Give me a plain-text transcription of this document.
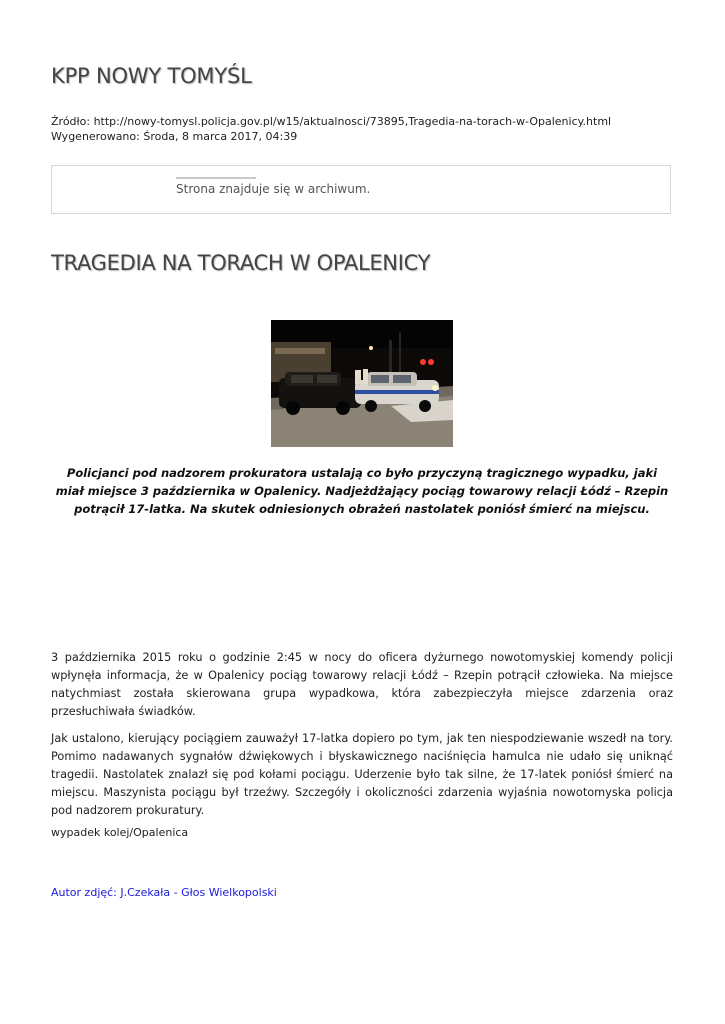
KPP NOWY TOMYŚL
Źródło: http://nowy-tomysl.policja.gov.pl/w15/aktualnosci/73895,Tragedia-na-torach-w-Opalenicy.html
Wygenerowano: Środa, 8 marca 2017, 04:39
Strona znajduje się w archiwum.
TRAGEDIA NA TORACH W OPALENICY

Policjanci pod nadzorem prokuratora ustalają co było przyczyną tragicznego wypadku, jaki miał miejsce 3 października w Opalenicy. Nadjeżdżający pociąg towarowy relacji Łódź – Rzepin potrącił 17-latka. Na skutek odniesionych obrażeń nastolatek poniósł śmierć na miejscu.

3 października 2015 roku o godzinie 2:45 w nocy do oficera dyżurnego nowotomyskiej komendy policji wpłynęła informacja, że w Opalenicy pociąg towarowy relacji Łódź – Rzepin potrącił człowieka. Na miejsce natychmiast została skierowana grupa wypadkowa, która zabezpieczyła miejsce zdarzenia oraz przesłuchiwała świadków.

Jak ustalono, kierujący pociągiem zauważył 17-latka dopiero po tym, jak ten niespodziewanie wszedł na tory. Pomimo nadawanych sygnałów dźwiękowych i błyskawicznego naciśnięcia hamulca nie udało się uniknąć tragedii. Nastolatek znalazł się pod kołami pociągu. Uderzenie było tak silne, że 17-latek poniósł śmierć na miejscu. Maszynista pociągu był trzeźwy. Szczegóły i okoliczności zdarzenia wyjaśnia nowotomyska policja pod nadzorem prokuratury.

wypadek kolej/Opalenica
Autor zdjęć: J.Czekała - Głos Wielkopolski
